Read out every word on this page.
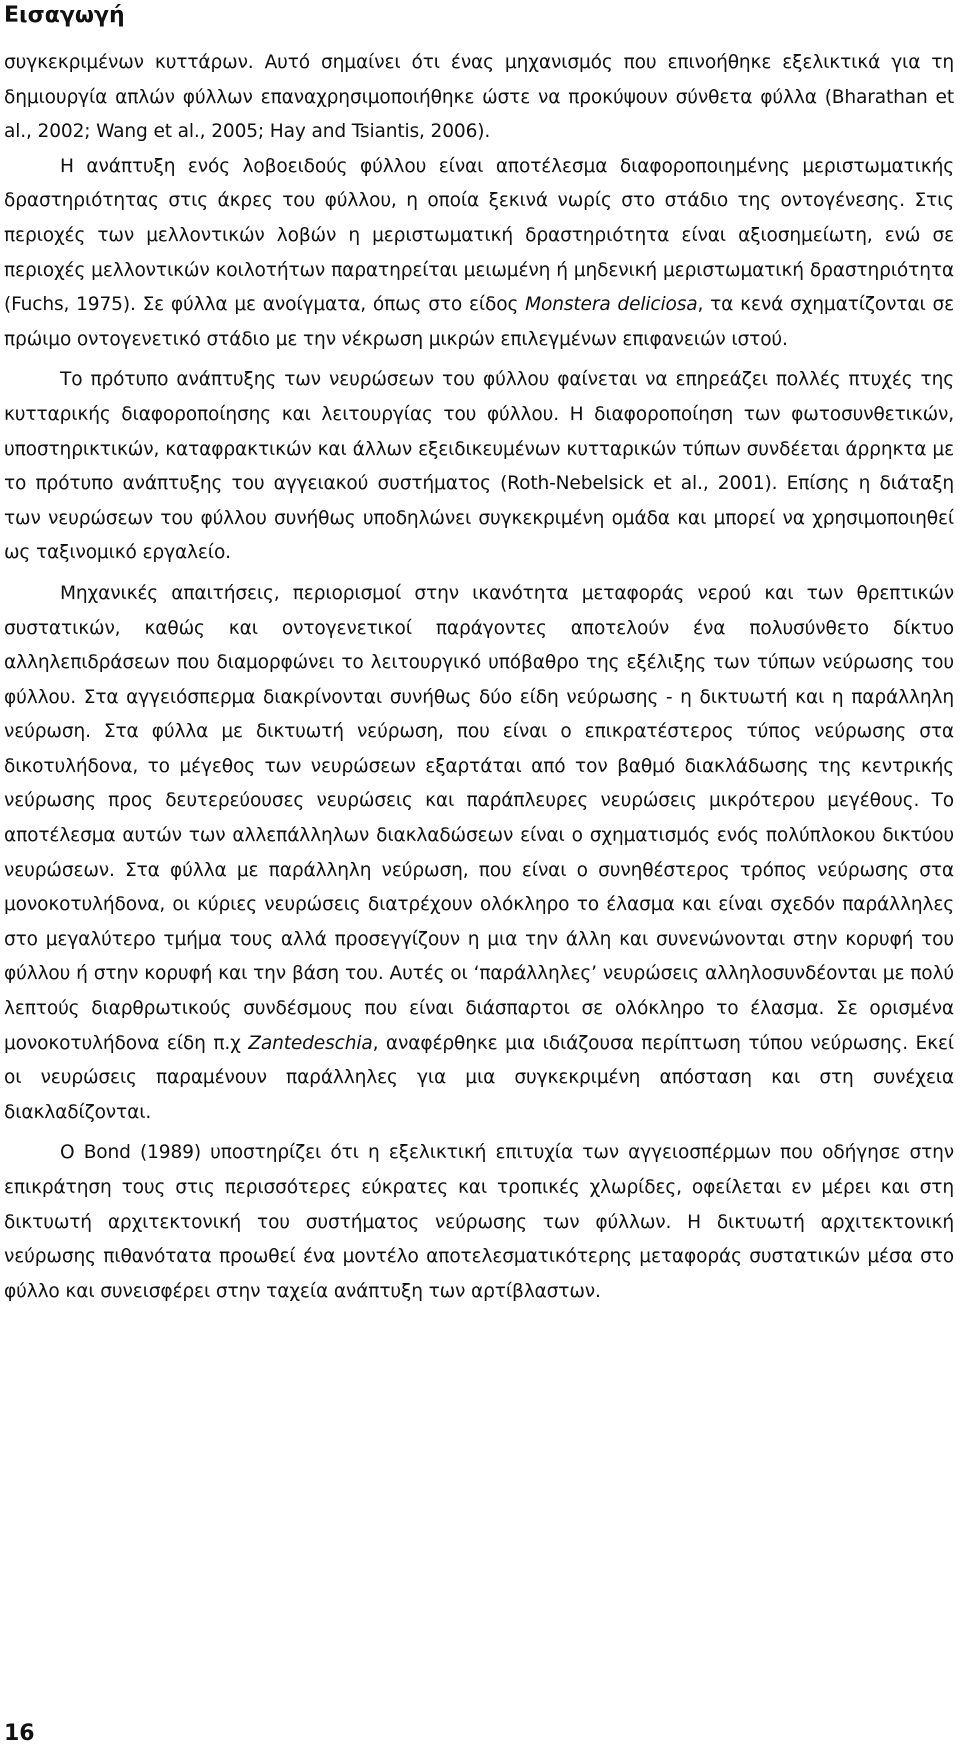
Εισαγωγή

συγκεκριμένων κυττάρων. Αυτό σημαίνει ότι ένας μηχανισμός που επινοήθηκε εξελικτικά για τη δημιουργία απλών φύλλων επαναχρησιμοποιήθηκε ώστε να προκύψουν σύνθετα φύλλα (Bharathan et al., 2002; Wang et al., 2005; Hay and Tsiantis, 2006).

Η ανάπτυξη ενός λοβοειδούς φύλλου είναι αποτέλεσμα διαφοροποιημένης μεριστωματικής δραστηριότητας στις άκρες του φύλλου, η οποία ξεκινά νωρίς στο στάδιο της οντογένεσης. Στις περιοχές των μελλοντικών λοβών η μεριστωματική δραστηριότητα είναι αξιοσημείωτη, ενώ σε περιοχές μελλοντικών κοιλοτήτων παρατηρείται μειωμένη ή μηδενική μεριστωματική δραστηριότητα (Fuchs, 1975). Σε φύλλα με ανοίγματα, όπως στο είδος Monstera deliciosa, τα κενά σχηματίζονται σε πρώιμο οντογενετικό στάδιο με την νέκρωση μικρών επιλεγμένων επιφανειών ιστού.

Το πρότυπο ανάπτυξης των νευρώσεων του φύλλου φαίνεται να επηρεάζει πολλές πτυχές της κυτταρικής διαφοροποίησης και λειτουργίας του φύλλου. Η διαφοροποίηση των φωτοσυνθετικών, υποστηρικτικών, καταφρακτικών και άλλων εξειδικευμένων κυτταρικών τύπων συνδέεται άρρηκτα με το πρότυπο ανάπτυξης του αγγειακού συστήματος (Roth-Nebelsick et al., 2001). Επίσης η διάταξη των νευρώσεων του φύλλου συνήθως υποδηλώνει συγκεκριμένη ομάδα και μπορεί να χρησιμοποιηθεί ως ταξινομικό εργαλείο.

Μηχανικές απαιτήσεις, περιορισμοί στην ικανότητα μεταφοράς νερού και των θρεπτικών συστατικών, καθώς και οντογενετικοί παράγοντες αποτελούν ένα πολυσύνθετο δίκτυο αλληλεπιδράσεων που διαμορφώνει το λειτουργικό υπόβαθρο της εξέλιξης των τύπων νεύρωσης του φύλλου. Στα αγγειόσπερμα διακρίνονται συνήθως δύο είδη νεύρωσης - η δικτυωτή και η παράλληλη νεύρωση. Στα φύλλα με δικτυωτή νεύρωση, που είναι ο επικρατέστερος τύπος νεύρωσης στα δικοτυλήδονα, το μέγεθος των νευρώσεων εξαρτάται από τον βαθμό διακλάδωσης της κεντρικής νεύρωσης προς δευτερεύουσες νευρώσεις και παράπλευρες νευρώσεις μικρότερου μεγέθους. Το αποτέλεσμα αυτών των αλλεπάλληλων διακλαδώσεων είναι ο σχηματισμός ενός πολύπλοκου δικτύου νευρώσεων. Στα φύλλα με παράλληλη νεύρωση, που είναι ο συνηθέστερος τρόπος νεύρωσης στα μονοκοτυλήδονα, οι κύριες νευρώσεις διατρέχουν ολόκληρο το έλασμα και είναι σχεδόν παράλληλες στο μεγαλύτερο τμήμα τους αλλά προσεγγίζουν η μια την άλλη και συνενώνονται στην κορυφή του φύλλου ή στην κορυφή και την βάση του. Αυτές οι ‘παράλληλες’ νευρώσεις αλληλοσυνδέονται με πολύ λεπτούς διαρθρωτικούς συνδέσμους που είναι διάσπαρτοι σε ολόκληρο το έλασμα. Σε ορισμένα μονοκοτυλήδονα είδη π.χ Zantedeschia, αναφέρθηκε μια ιδιάζουσα περίπτωση τύπου νεύρωσης. Εκεί οι νευρώσεις παραμένουν παράλληλες για μια συγκεκριμένη απόσταση και στη συνέχεια διακλαδίζονται.

Ο Bond (1989) υποστηρίζει ότι η εξελικτική επιτυχία των αγγειοσπέρμων που οδήγησε στην επικράτηση τους στις περισσότερες εύκρατες και τροπικές χλωρίδες, οφείλεται εν μέρει και στη δικτυωτή αρχιτεκτονική του συστήματος νεύρωσης των φύλλων. Η δικτυωτή αρχιτεκτονική νεύρωσης πιθανότατα προωθεί ένα μοντέλο αποτελεσματικότερης μεταφοράς συστατικών μέσα στο φύλλο και συνεισφέρει στην ταχεία ανάπτυξη των αρτίβλαστων.

16
